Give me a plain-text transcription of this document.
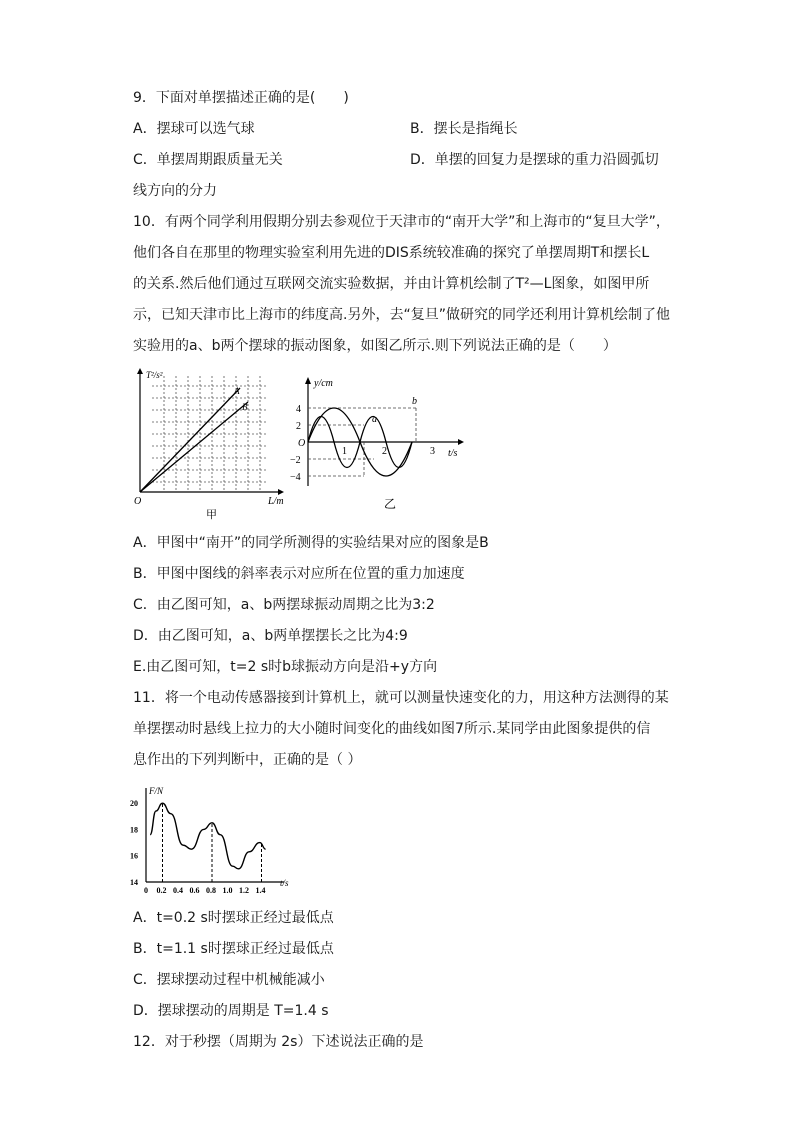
9．下面对单摆描述正确的是(　　)
A．摆球可以选气球	B．摆长是指绳长
C．单摆周期跟质量无关	D．单摆的回复力是摆球的重力沿圆弧切
线方向的分力
10．有两个同学利用假期分别去参观位于天津市的“南开大学”和上海市的“复旦大学”，
他们各自在那里的物理实验室利用先进的DIS系统较准确的探究了单摆周期T和摆长L
的关系.然后他们通过互联网交流实验数据，并由计算机绘制了T²—L图象，如图甲所
示，已知天津市比上海市的纬度高.另外，去“复旦”做研究的同学还利用计算机绘制了他
实验用的a、b两个摆球的振动图象，如图乙所示.则下列说法正确的是（　　）
T²/s²
L/m
O
A
B
甲
y/cm
t/s
O
4
2
−2
−4
1	2	3
a
b
乙
A．甲图中“南开”的同学所测得的实验结果对应的图象是B
B．甲图中图线的斜率表示对应所在位置的重力加速度
C．由乙图可知，a、b两摆球振动周期之比为3:2
D．由乙图可知，a、b两单摆摆长之比为4:9
E.由乙图可知，t=2 s时b球振动方向是沿+y方向
11．将一个电动传感器接到计算机上，就可以测量快速变化的力，用这种方法测得的某
单摆摆动时悬线上拉力的大小随时间变化的曲线如图7所示.某同学由此图象提供的信
息作出的下列判断中，正确的是（ ）
0 0.2 0.4 0.6 0.8 1.0 1.2 1.4
14
16
18
20
F/N
t/s
A．t=0.2 s时摆球正经过最低点
B．t=1.1 s时摆球正经过最低点
C．摆球摆动过程中机械能减小
D．摆球摆动的周期是 T=1.4 s
12．对于秒摆（周期为 2s）下述说法正确的是
